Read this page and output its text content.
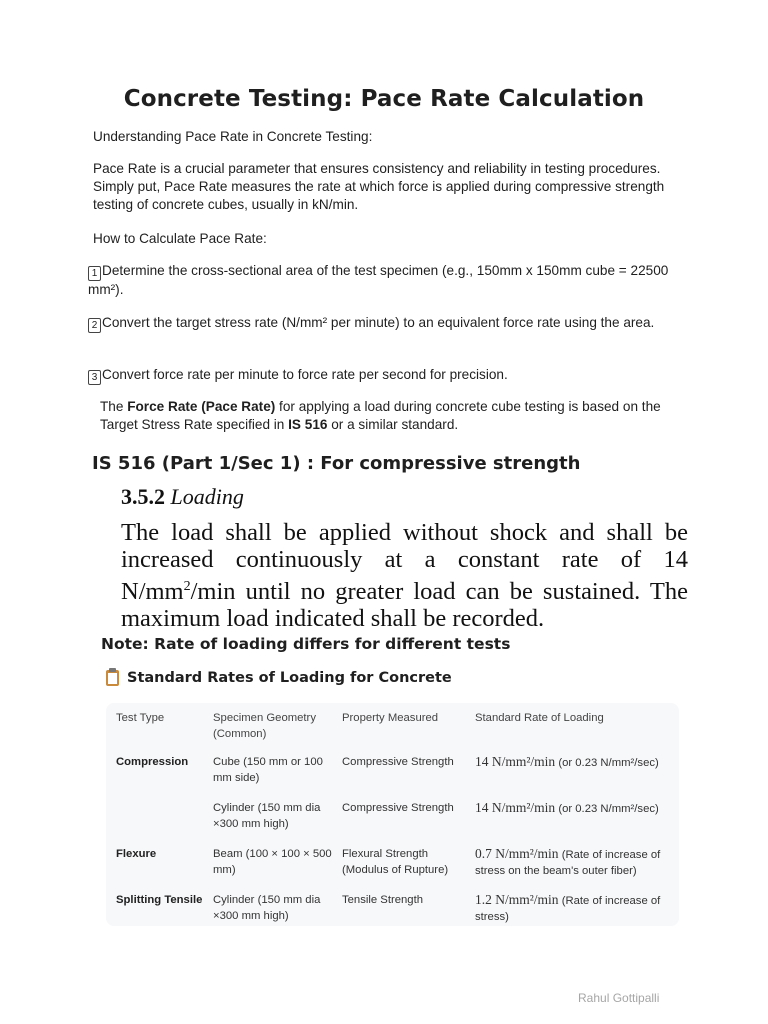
Concrete Testing: Pace Rate Calculation

Understanding Pace Rate in Concrete Testing:

Pace Rate is a crucial parameter that ensures consistency and reliability in testing procedures. Simply put, Pace Rate measures the rate at which force is applied during compressive strength testing of concrete cubes, usually in kN/min.

How to Calculate Pace Rate:

1 Determine the cross-sectional area of the test specimen (e.g., 150mm x 150mm cube = 22500 mm²).

2 Convert the target stress rate (N/mm² per minute) to an equivalent force rate using the area.

3 Convert force rate per minute to force rate per second for precision.

The Force Rate (Pace Rate) for applying a load during concrete cube testing is based on the Target Stress Rate specified in IS 516 or a similar standard.

IS 516 (Part 1/Sec 1) : For compressive strength
3.5.2 Loading

The load shall be applied without shock and shall be increased continuously at a constant rate of 14 $N/mm^2/\min$ until no greater load can be sustained. The maximum load indicated shall be recorded.

Note: Rate of loading differs for different tests
Standard Rates of Loading for Concrete
Test Type	Specimen Geometry (Common)	Property Measured	Standard Rate of Loading
Compression	Cube (150 mm or 100 mm side)	Compressive Strength	14 N/mm²/min (or 0.23 N/mm²/sec)
	Cylinder (150 mm dia ×300 mm high)	Compressive Strength	14 N/mm²/min (or 0.23 N/mm²/sec)
Flexure	Beam (100 × 100 × 500 mm)	Flexural Strength (Modulus of Rupture)	0.7 N/mm²/min (Rate of increase of stress on the beam's outer fiber)
Splitting Tensile	Cylinder (150 mm dia ×300 mm high)	Tensile Strength	1.2 N/mm²/min (Rate of increase of stress)
Rahul Gottipalli
